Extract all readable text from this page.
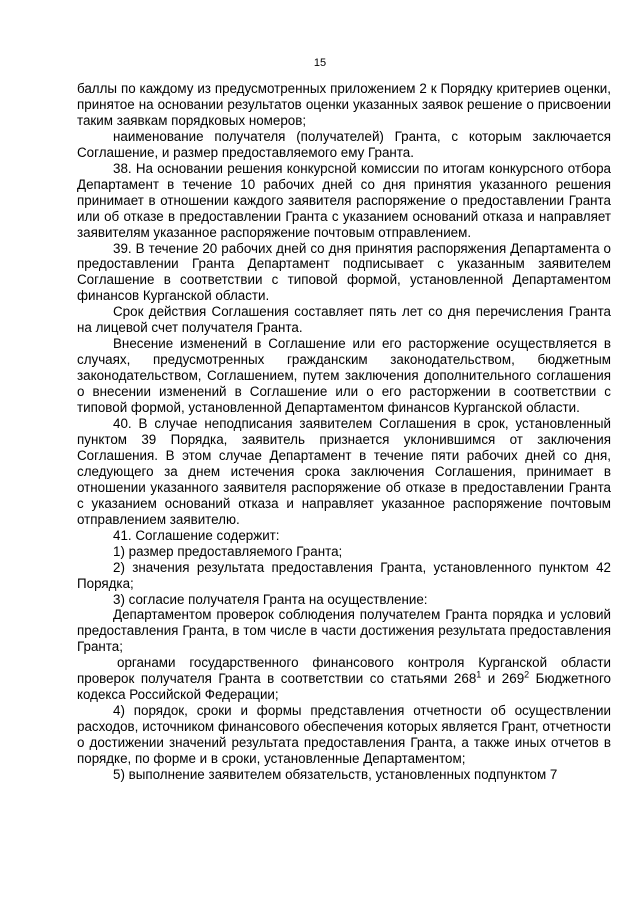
15

баллы по каждому из предусмотренных приложением 2 к Порядку критериев оценки, принятое на основании результатов оценки указанных заявок решение о присвоении таким заявкам порядковых номеров;

наименование получателя (получателей) Гранта, с которым заключается Соглашение, и размер предоставляемого ему Гранта.

38. На основании решения конкурсной комиссии по итогам конкурсного отбора Департамент в течение 10 рабочих дней со дня принятия указанного решения принимает в отношении каждого заявителя распоряжение о предоставлении Гранта или об отказе в предоставлении Гранта с указанием оснований отказа и направляет заявителям указанное распоряжение почтовым отправлением.

39. В течение 20 рабочих дней со дня принятия распоряжения Департамента о предоставлении Гранта Департамент подписывает с указанным заявителем Соглашение в соответствии с типовой формой, установленной Департаментом финансов Курганской области.

Срок действия Соглашения составляет пять лет со дня перечисления Гранта на лицевой счет получателя Гранта.

Внесение изменений в Соглашение или его расторжение осуществляется в случаях, предусмотренных гражданским законодательством, бюджетным законодательством, Соглашением, путем заключения дополнительного соглашения о внесении изменений в Соглашение или о его расторжении в соответствии с типовой формой, установленной Департаментом финансов Курганской области.

40. В случае неподписания заявителем Соглашения в срок, установленный пунктом 39 Порядка, заявитель признается уклонившимся от заключения Соглашения. В этом случае Департамент в течение пяти рабочих дней со дня, следующего за днем истечения срока заключения Соглашения, принимает в отношении указанного заявителя распоряжение об отказе в предоставлении Гранта с указанием оснований отказа и направляет указанное распоряжение почтовым отправлением заявителю.

41. Соглашение содержит:

1) размер предоставляемого Гранта;

2) значения результата предоставления Гранта, установленного пунктом 42 Порядка;

3) согласие получателя Гранта на осуществление:

Департаментом проверок соблюдения получателем Гранта порядка и условий предоставления Гранта, в том числе в части достижения результата предоставления Гранта;

органами государственного финансового контроля Курганской области проверок получателя Гранта в соответствии со статьями $268^1$ и $269^2$ Бюджетного кодекса Российской Федерации;

4) порядок, сроки и формы представления отчетности об осуществлении расходов, источником финансового обеспечения которых является Грант, отчетности о достижении значений результата предоставления Гранта, а также иных отчетов в порядке, по форме и в сроки, установленные Департаментом;

5) выполнение заявителем обязательств, установленных подпунктом 7
